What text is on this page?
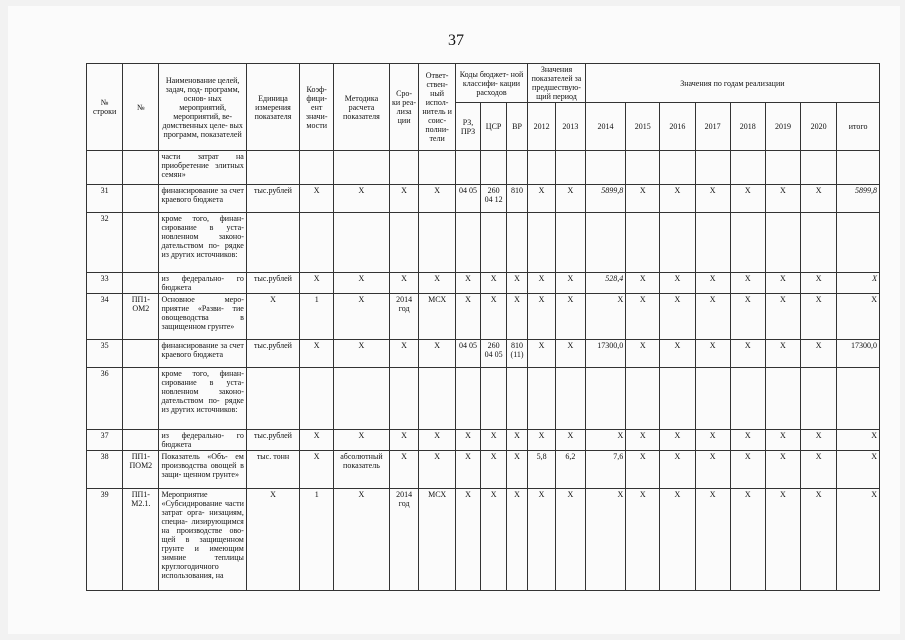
37
№ строки	№	Наименование целей, задач, под- программ, основ- ных мероприятий, мероприятий, ве- домственных целе- вых программ, показателей	Единица измерения показателя	Коэф- фици- ент значи- мости	Методика расчета показателя	Сро- ки реа- лиза ции	Ответ- ствен- ный испол- нитель и соис- полни- тели	Коды бюджет- ной классифи- кации расходов			Значения показателей за предшествую- щий период		Значения по годам реализации							
								РЗ, ПРЗ	ЦСР	ВР	2012	2013	2014	2015	2016	2017	2018	2019	2020	итого
		части затрат на приобретение элитных семян»																		
31		финансирование за счет краевого бюджета	тыс.рублей	X	X	X	X	04 05	260 04 12	810	X	X	5899,8	X	X	X	X	X	X	5899,8
32		кроме того, финан- сирование в уста- новленном законо- дательством по- рядке из других источников:																		
33		из федерально- го бюджета	тыс.рублей	X	X	X	X	X	X	X	X	X	528,4	X	X	X	X	X	X	X
34	ПП1- ОМ2	Основное меро- приятие «Разви- тие овощеводства в защищенном грунте»	X	1	X	2014 год	МСХ	X	X	X	X	X	X	X	X	X	X	X	X	X
35		финансирование за счет краевого бюджета	тыс.рублей	X	X	X	X	04 05	260 04 05	810 (11)	X	X	17300,0	X	X	X	X	X	X	17300,0
36		кроме того, финан- сирование в уста- новленном законо- дательством по- рядке из других источников:																		
37		из федерально- го бюджета	тыс.рублей	X	X	X	X	X	X	X	X	X	X	X	X	X	X	X	X	X
38	ПП1- ПОМ2	Показатель «Объ- ем производства овощей в защи- щенном грунте»	тыс. тонн	X	абсолютный показатель	X	X	X	X	X	5,8	6,2	7,6	X	X	X	X	X	X	X
39	ПП1- М2.1.	Мероприятие «Субсидирование части затрат орга- низациям, специа- лизирующимся на производстве ово- щей в защищенном грунте и имеющим зимние теплицы круглогодичного использования, на	X	1	X	2014 год	МСХ	X	X	X	X	X	X	X	X	X	X	X	X	X
